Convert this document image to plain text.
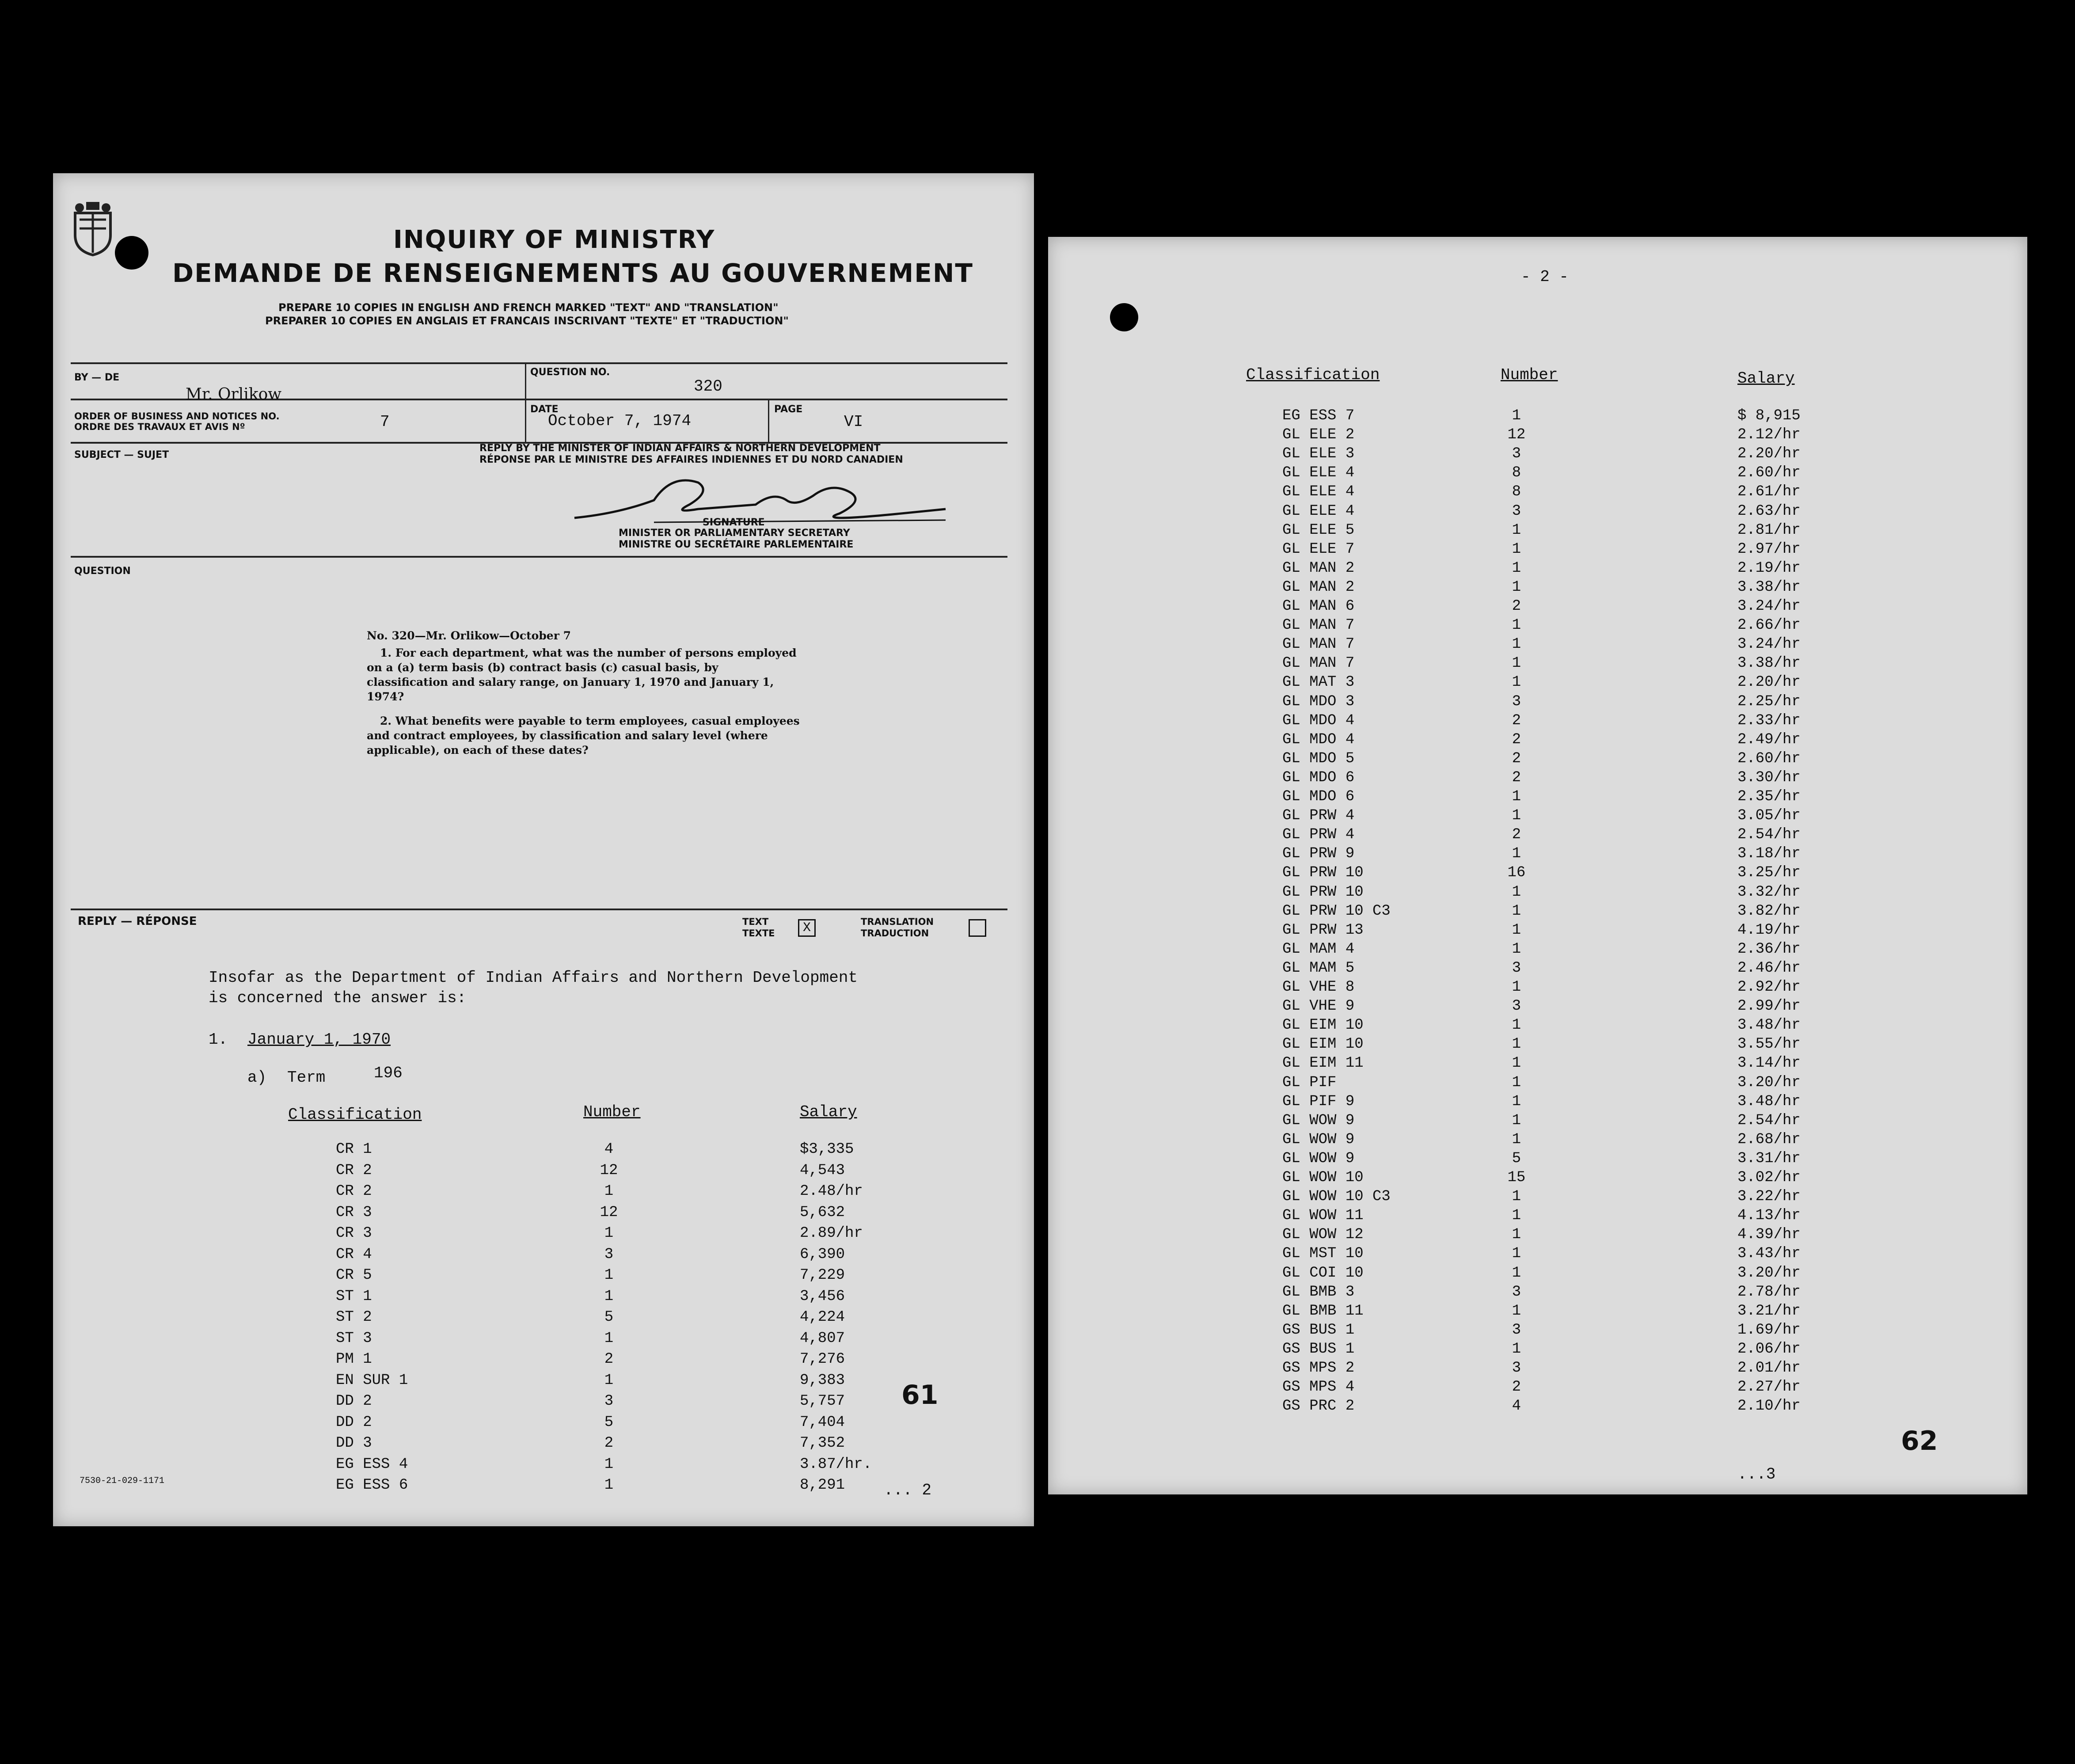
INQUIRY OF MINISTRY
DEMANDE DE RENSEIGNEMENTS AU GOUVERNEMENT
PREPARE 10 COPIES IN ENGLISH AND FRENCH MARKED "TEXT" AND "TRANSLATION"
PREPARER 10 COPIES EN ANGLAIS ET FRANCAIS INSCRIVANT "TEXTE" ET "TRADUCTION"
BY — DE
Mr. Orlikow
QUESTION NO.
320
ORDER OF BUSINESS AND NOTICES NO.
ORDRE DES TRAVAUX ET AVIS Nº	7
DATE
October 7, 1974
PAGE
VI
SUBJECT — SUJET
REPLY BY THE MINISTER OF INDIAN AFFAIRS & NORTHERN DEVELOPMENT
RÉPONSE PAR LE MINISTRE DES AFFAIRES INDIENNES ET DU NORD CANADIEN
SIGNATURE
MINISTER OR PARLIAMENTARY SECRETARY
MINISTRE OU SECRÉTAIRE PARLEMENTAIRE
QUESTION

No. 320—Mr. Orlikow—October 7

1. For each department, what was the number of persons employed on a (a) term basis (b) contract basis (c) casual basis, by classification and salary range, on January 1, 1970 and January 1, 1974?

2. What benefits were payable to term employees, casual employees and contract employees, by classification and salary level (where applicable), on each of these dates?

REPLY — RÉPONSE	TEXT
TEXTE	X	TRANSLATION
TRADUCTION
Insofar as the Department of Indian Affairs and Northern Development
is concerned the answer is:
1. January 1, 1970
a) Term	196
Classification	Number	Salary
CR 1	4	$3,335
CR 2	12	4,543
CR 2	1	2.48/hr
CR 3	12	5,632
CR 3	1	2.89/hr
CR 4	3	6,390
CR 5	1	7,229
ST 1	1	3,456
ST 2	5	4,224
ST 3	1	4,807
PM 1	2	7,276
EN SUR 1	1	9,383
DD 2	3	5,757
DD 2	5	7,404
DD 3	2	7,352
EG ESS 4	1	3.87/hr.
EG ESS 6	1	8,291
61
7530-21-029-1171
... 2
- 2 -
Classification	Number	Salary
EG ESS 7	1	$ 8,915
GL ELE 2	12	2.12/hr
GL ELE 3	3	2.20/hr
GL ELE 4	8	2.60/hr
GL ELE 4	8	2.61/hr
GL ELE 4	3	2.63/hr
GL ELE 5	1	2.81/hr
GL ELE 7	1	2.97/hr
GL MAN 2	1	2.19/hr
GL MAN 2	1	3.38/hr
GL MAN 6	2	3.24/hr
GL MAN 7	1	2.66/hr
GL MAN 7	1	3.24/hr
GL MAN 7	1	3.38/hr
GL MAT 3	1	2.20/hr
GL MDO 3	3	2.25/hr
GL MDO 4	2	2.33/hr
GL MDO 4	2	2.49/hr
GL MDO 5	2	2.60/hr
GL MDO 6	2	3.30/hr
GL MDO 6	1	2.35/hr
GL PRW 4	1	3.05/hr
GL PRW 4	2	2.54/hr
GL PRW 9	1	3.18/hr
GL PRW 10	16	3.25/hr
GL PRW 10	1	3.32/hr
GL PRW 10 C3	1	3.82/hr
GL PRW 13	1	4.19/hr
GL MAM 4	1	2.36/hr
GL MAM 5	3	2.46/hr
GL VHE 8	1	2.92/hr
GL VHE 9	3	2.99/hr
GL EIM 10	1	3.48/hr
GL EIM 10	1	3.55/hr
GL EIM 11	1	3.14/hr
GL PIF	1	3.20/hr
GL PIF 9	1	3.48/hr
GL WOW 9	1	2.54/hr
GL WOW 9	1	2.68/hr
GL WOW 9	5	3.31/hr
GL WOW 10	15	3.02/hr
GL WOW 10 C3	1	3.22/hr
GL WOW 11	1	4.13/hr
GL WOW 12	1	4.39/hr
GL MST 10	1	3.43/hr
GL COI 10	1	3.20/hr
GL BMB 3	3	2.78/hr
GL BMB 11	1	3.21/hr
GS BUS 1	3	1.69/hr
GS BUS 1	1	2.06/hr
GS MPS 2	3	2.01/hr
GS MPS 4	2	2.27/hr
GS PRC 2	4	2.10/hr
62
...3
